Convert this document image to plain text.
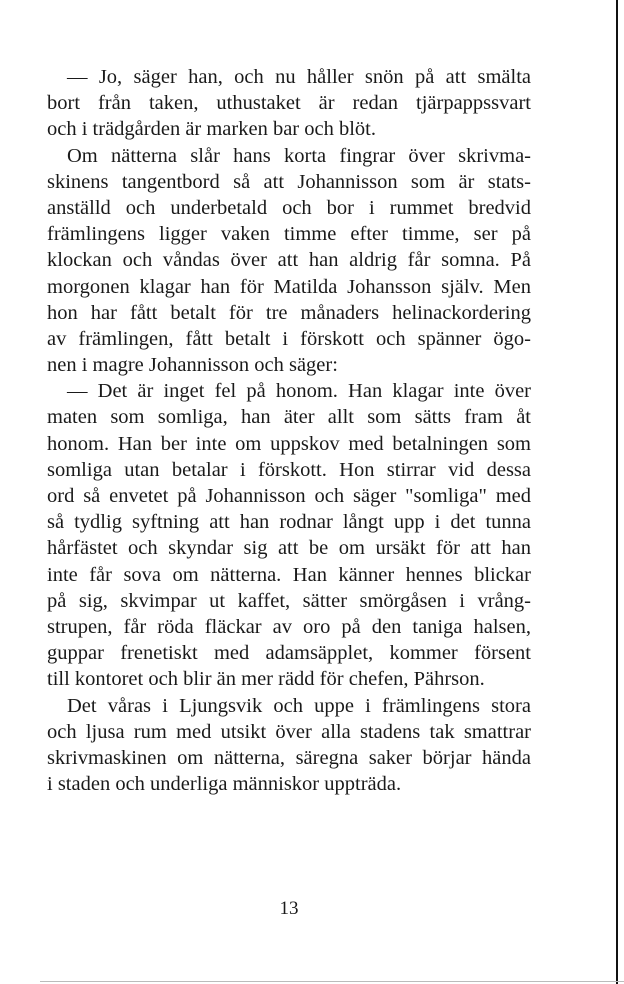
— Jo, säger han, och nu håller snön på att smälta
bort från taken, uthustaket är redan tjärpappssvart
och i trädgården är marken bar och blöt.
Om nätterna slår hans korta fingrar över skrivma-
skinens tangentbord så att Johannisson som är stats-
anställd och underbetald och bor i rummet bredvid
främlingens ligger vaken timme efter timme, ser på
klockan och våndas över att han aldrig får somna. På
morgonen klagar han för Matilda Johansson själv. Men
hon har fått betalt för tre månaders helinackordering
av främlingen, fått betalt i förskott och spänner ögo-
nen i magre Johannisson och säger:
— Det är inget fel på honom. Han klagar inte över
maten som somliga, han äter allt som sätts fram åt
honom. Han ber inte om uppskov med betalningen som
somliga utan betalar i förskott. Hon stirrar vid dessa
ord så envetet på Johannisson och säger "somliga" med
så tydlig syftning att han rodnar långt upp i det tunna
hårfästet och skyndar sig att be om ursäkt för att han
inte får sova om nätterna. Han känner hennes blickar
på sig, skvimpar ut kaffet, sätter smörgåsen i vrång-
strupen, får röda fläckar av oro på den taniga halsen,
guppar frenetiskt med adamsäpplet, kommer försent
till kontoret och blir än mer rädd för chefen, Pährson.
Det våras i Ljungsvik och uppe i främlingens stora
och ljusa rum med utsikt över alla stadens tak smattrar
skrivmaskinen om nätterna, säregna saker börjar hända
i staden och underliga människor uppträda.
13
